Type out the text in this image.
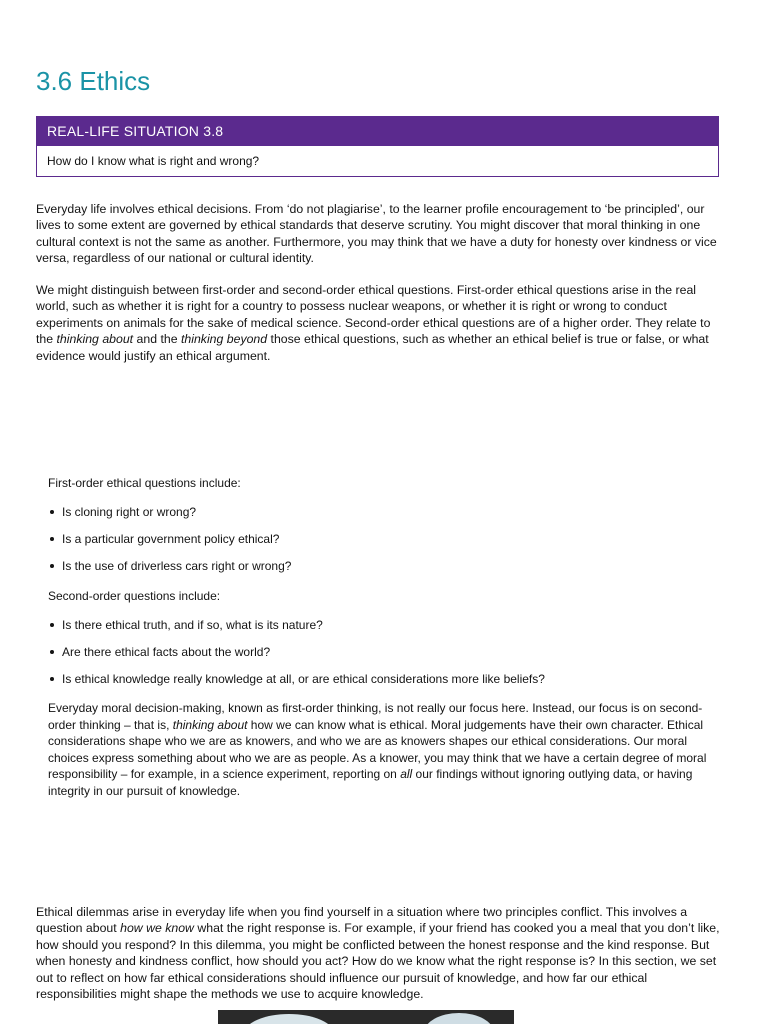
3.6 Ethics
REAL-LIFE SITUATION 3.8
How do I know what is right and wrong?

Everyday life involves ethical decisions. From ‘do not plagiarise’, to the learner profile encouragement to ‘be principled’, our lives to some extent are governed by ethical standards that deserve scrutiny. You might discover that moral thinking in one cultural context is not the same as another. Furthermore, you may think that we have a duty for honesty over kindness or vice versa, regardless of our national or cultural identity.

We might distinguish between first-order and second-order ethical questions. First-order ethical questions arise in the real world, such as whether it is right for a country to possess nuclear weapons, or whether it is right or wrong to conduct experiments on animals for the sake of medical science. Second-order ethical questions are of a higher order. They relate to the thinking about and the thinking beyond those ethical questions, such as whether an ethical belief is true or false, or what evidence would justify an ethical argument.

First-order ethical questions include:

Is cloning right or wrong?
Is a particular government policy ethical?
Is the use of driverless cars right or wrong?

Second-order questions include:

Is there ethical truth, and if so, what is its nature?
Are there ethical facts about the world?
Is ethical knowledge really knowledge at all, or are ethical considerations more like beliefs?

Everyday moral decision-making, known as first-order thinking, is not really our focus here. Instead, our focus is on second-order thinking – that is, thinking about how we can know what is ethical. Moral judgements have their own character. Ethical considerations shape who we are as knowers, and who we are as knowers shapes our ethical considerations. Our moral choices express something about who we are as people. As a knower, you may think that we have a certain degree of moral responsibility – for example, in a science experiment, reporting on all our findings without ignoring outlying data, or having integrity in our pursuit of knowledge.

Ethical dilemmas arise in everyday life when you find yourself in a situation where two principles conflict. This involves a question about how we know what the right response is. For example, if your friend has cooked you a meal that you don’t like, how should you respond? In this dilemma, you might be conflicted between the honest response and the kind response. But when honesty and kindness conflict, how should you act? How do we know what the right response is? In this section, we set out to reflect on how far ethical considerations should influence our pursuit of knowledge, and how far our ethical responsibilities might shape the methods we use to acquire knowledge.
